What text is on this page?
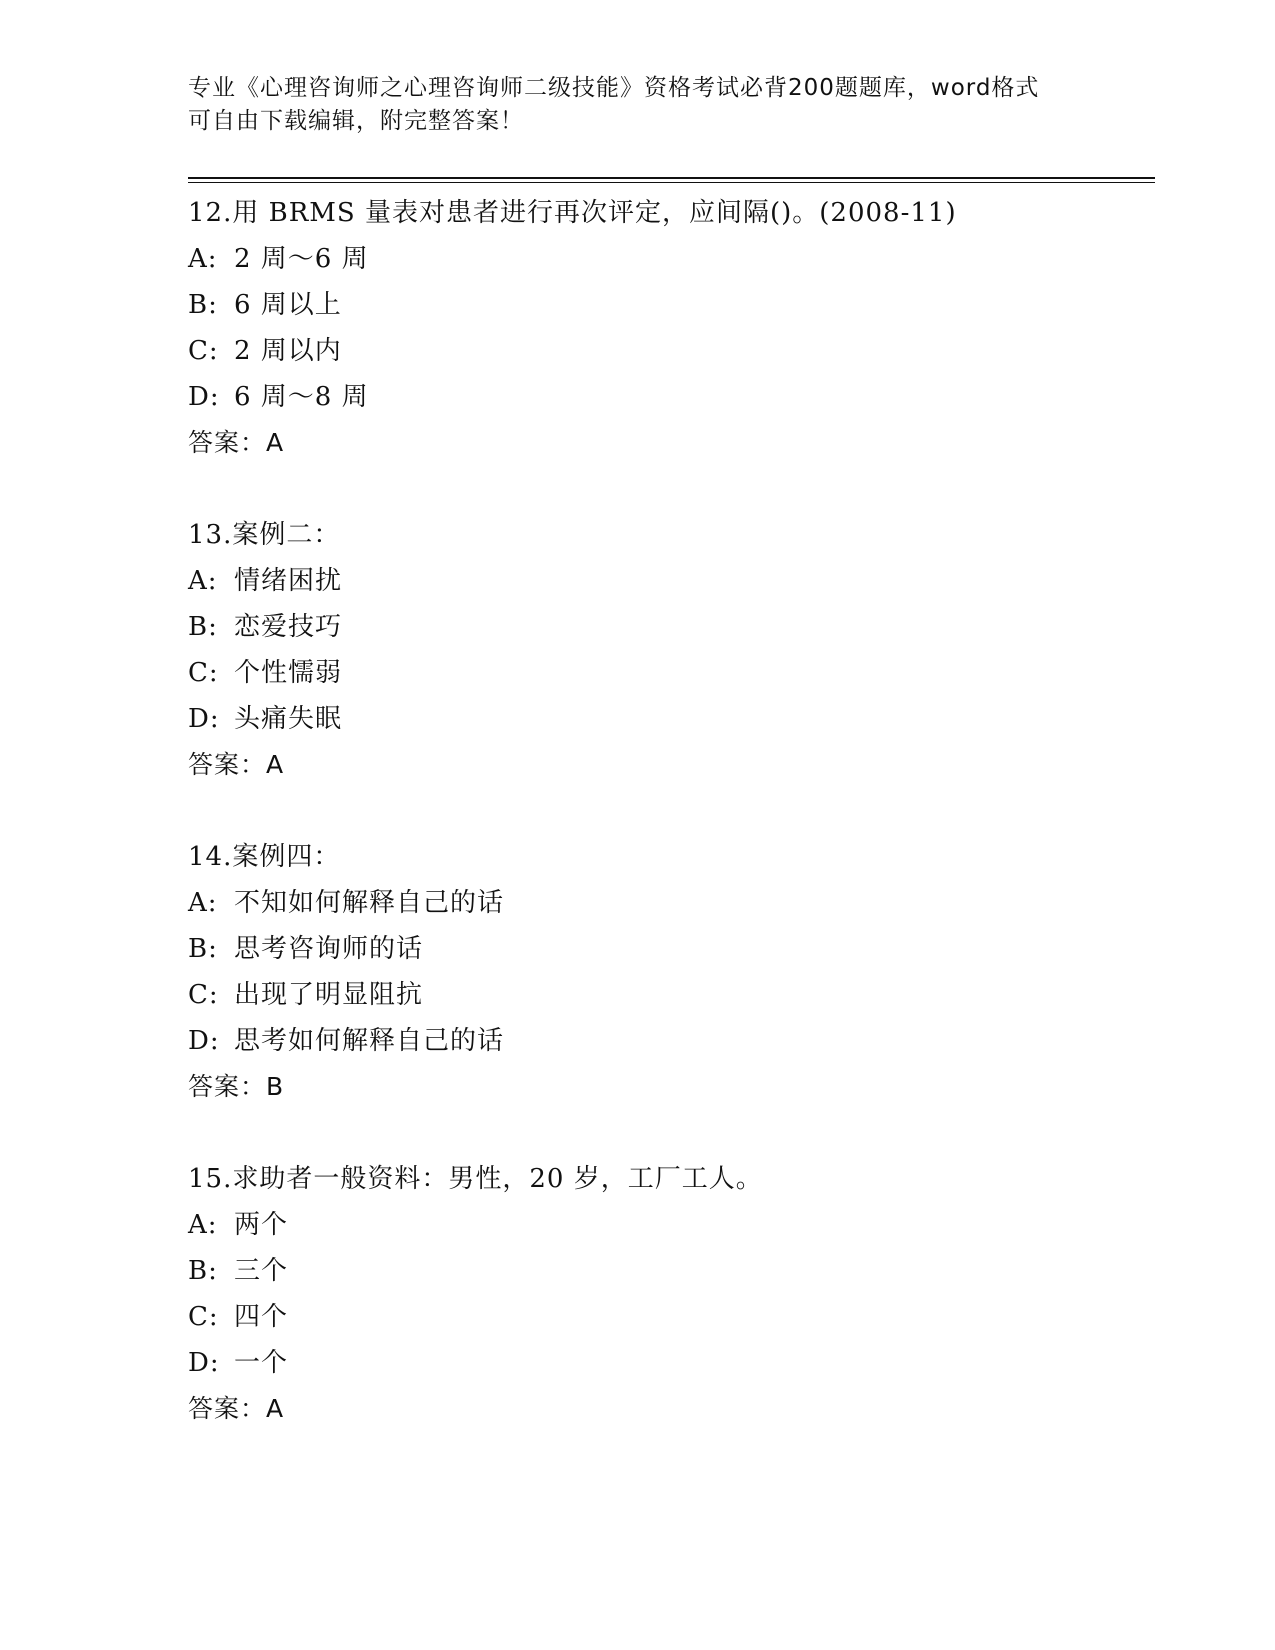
专业《心理咨询师之心理咨询师二级技能》资格考试必背200题题库，word格式
可自由下载编辑，附完整答案！
12.用 BRMS 量表对患者进行再次评定，应间隔()。(2008-11)
A: 2 周～6 周
B: 6 周以上
C: 2 周以内
D: 6 周～8 周
答案：A
13.案例二：
A: 情绪困扰
B: 恋爱技巧
C: 个性懦弱
D: 头痛失眠
答案：A
14.案例四：
A: 不知如何解释自己的话
B: 思考咨询师的话
C: 出现了明显阻抗
D: 思考如何解释自己的话
答案：B
15.求助者一般资料：男性，20 岁，工厂工人。
A: 两个
B: 三个
C: 四个
D: 一个
答案：A
